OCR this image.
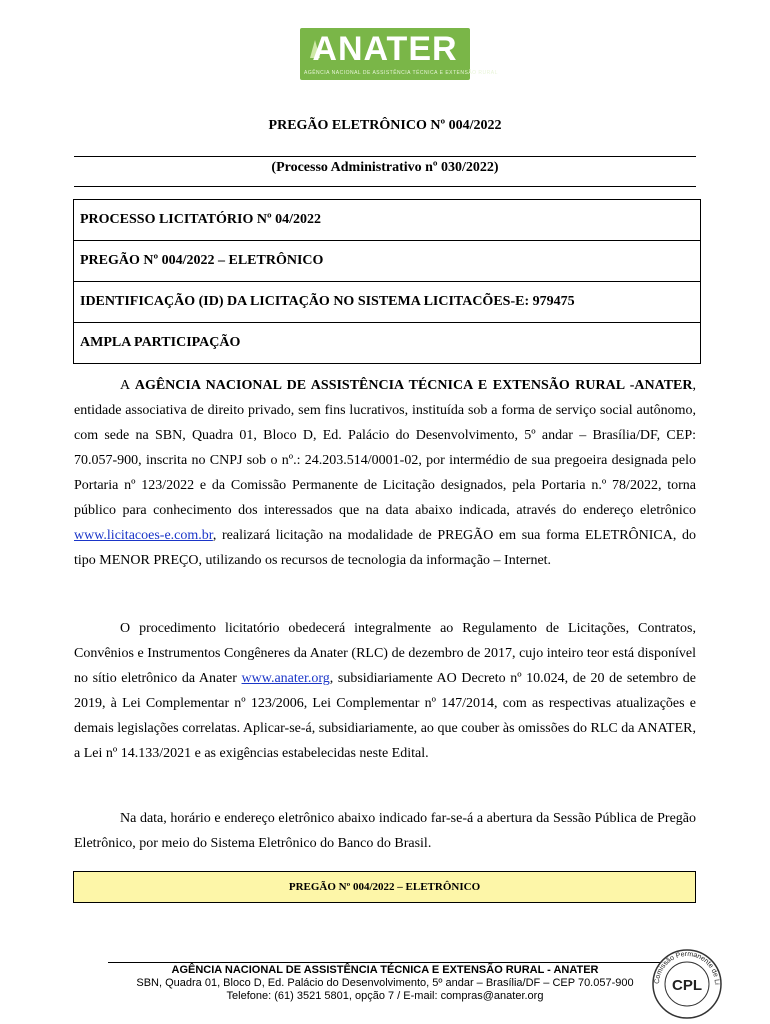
ANATER
AGÊNCIA NACIONAL DE ASSISTÊNCIA TÉCNICA E EXTENSÃO RURAL
PREGÃO ELETRÔNICO Nº 004/2022
(Processo Administrativo nº 030/2022)
PROCESSO LICITATÓRIO Nº 04/2022
PREGÃO Nº 004/2022 – ELETRÔNICO
IDENTIFICAÇÃO (ID) DA LICITAÇÃO NO SISTEMA LICITACÕES-E: 979475
AMPLA PARTICIPAÇÃO
A AGÊNCIA NACIONAL DE ASSISTÊNCIA TÉCNICA E EXTENSÃO RURAL -ANATER, entidade associativa de direito privado, sem fins lucrativos, instituída sob a forma de serviço social autônomo, com sede na SBN, Quadra 01, Bloco D, Ed. Palácio do Desenvolvimento, 5º andar – Brasília/DF, CEP: 70.057-900, inscrita no CNPJ sob o nº.: 24.203.514/0001-02, por intermédio de sua pregoeira designada pelo Portaria nº 123/2022 e da Comissão Permanente de Licitação designados, pela Portaria n.º 78/2022, torna público para conhecimento dos interessados que na data abaixo indicada, através do endereço eletrônico www.licitacoes-e.com.br, realizará licitação na modalidade de PREGÃO em sua forma ELETRÔNICA, do tipo MENOR PREÇO, utilizando os recursos de tecnologia da informação – Internet.
O procedimento licitatório obedecerá integralmente ao Regulamento de Licitações, Contratos, Convênios e Instrumentos Congêneres da Anater (RLC) de dezembro de 2017, cujo inteiro teor está disponível no sítio eletrônico da Anater www.anater.org, subsidiariamente AO Decreto nº 10.024, de 20 de setembro de 2019, à Lei Complementar nº 123/2006, Lei Complementar nº 147/2014, com as respectivas atualizações e demais legislações correlatas. Aplicar-se-á, subsidiariamente, ao que couber às omissões do RLC da ANATER, a Lei nº 14.133/2021 e as exigências estabelecidas neste Edital.
Na data, horário e endereço eletrônico abaixo indicado far-se-á a abertura da Sessão Pública de Pregão Eletrônico, por meio do Sistema Eletrônico do Banco do Brasil.
PREGÃO Nº 004/2022 – ELETRÔNICO
AGÊNCIA NACIONAL DE ASSISTÊNCIA TÉCNICA E EXTENSÃO RURAL - ANATER
SBN, Quadra 01, Bloco D, Ed. Palácio do Desenvolvimento, 5º andar – Brasília/DF – CEP 70.057-900
Telefone: (61) 3521 5801, opção 7 / E-mail: compras@anater.org
Comissão Permanente de Li
CPL
